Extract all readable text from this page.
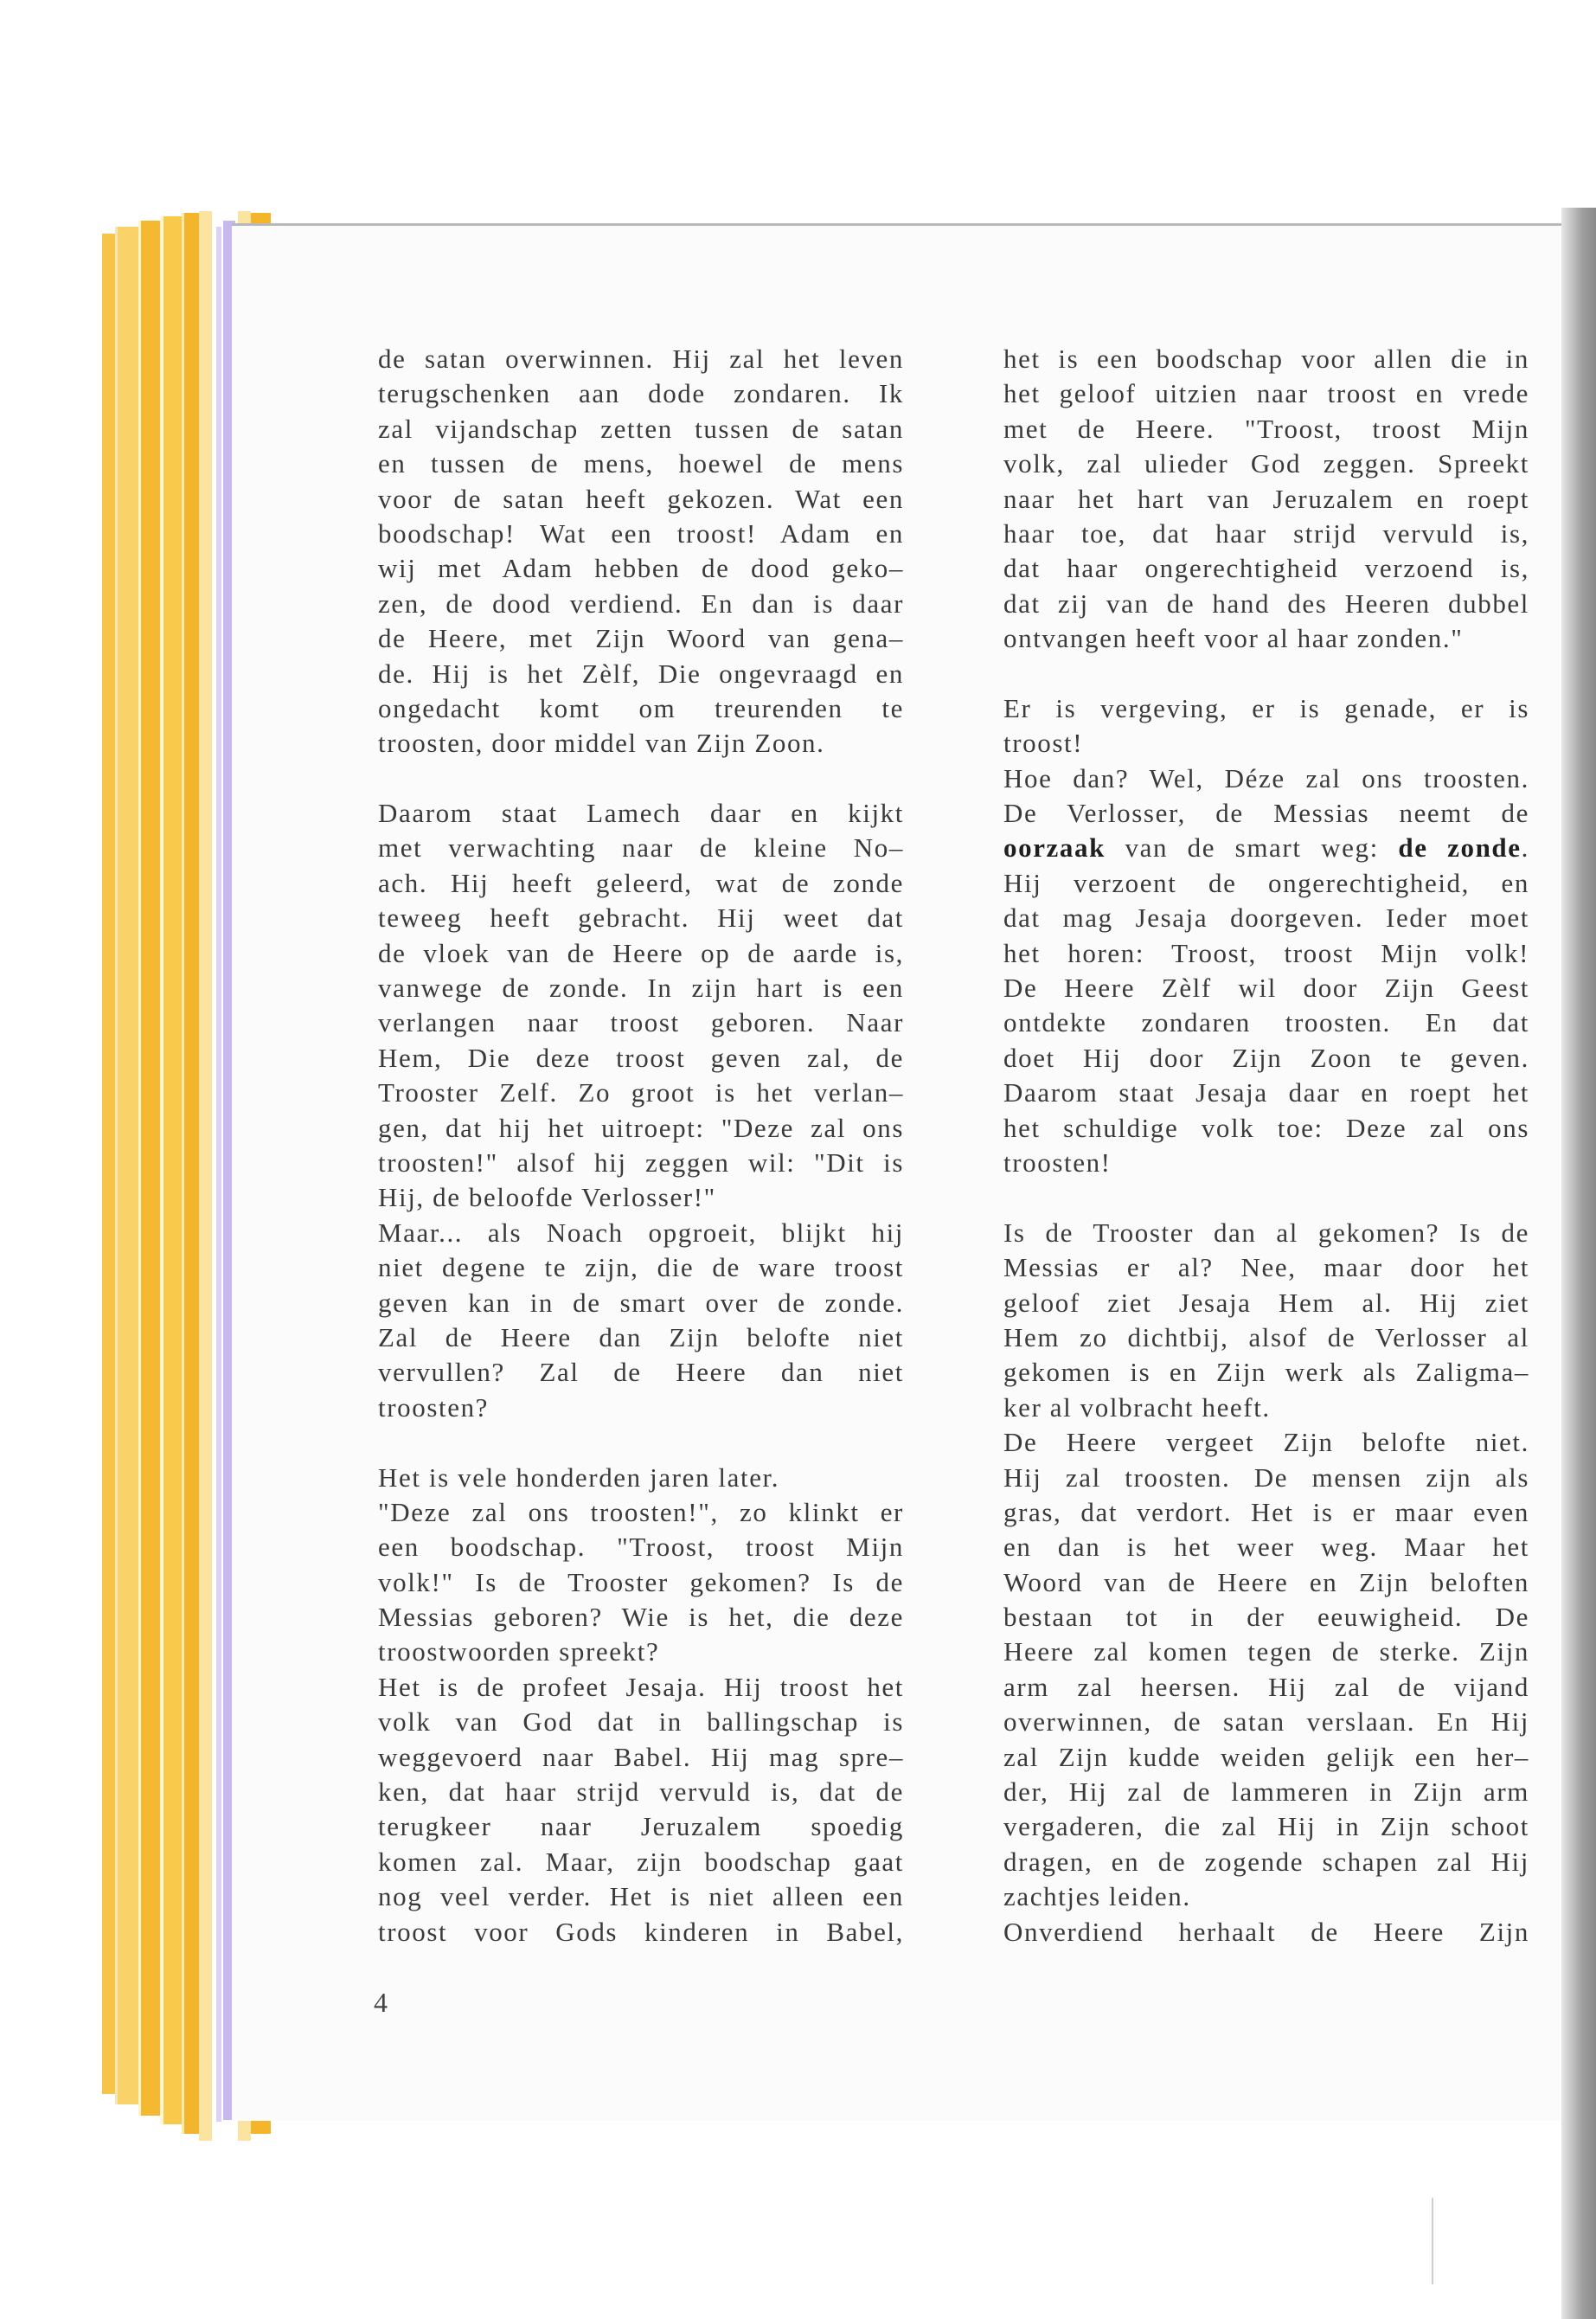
de satan overwinnen. Hij zal het leven
terugschenken aan dode zondaren. Ik
zal vijandschap zetten tussen de satan
en tussen de mens, hoewel de mens
voor de satan heeft gekozen. Wat een
boodschap! Wat een troost! Adam en
wij met Adam hebben de dood geko–
zen, de dood verdiend. En dan is daar
de Heere, met Zijn Woord van gena–
de. Hij is het Zèlf, Die ongevraagd en
ongedacht komt om treurenden te
troosten, door middel van Zijn Zoon.

Daarom staat Lamech daar en kijkt
met verwachting naar de kleine No–
ach. Hij heeft geleerd, wat de zonde
teweeg heeft gebracht. Hij weet dat
de vloek van de Heere op de aarde is,
vanwege de zonde. In zijn hart is een
verlangen naar troost geboren. Naar
Hem, Die deze troost geven zal, de
Trooster Zelf. Zo groot is het verlan–
gen, dat hij het uitroept: "Deze zal ons
troosten!" alsof hij zeggen wil: "Dit is
Hij, de beloofde Verlosser!"

Maar... als Noach opgroeit, blijkt hij
niet degene te zijn, die de ware troost
geven kan in de smart over de zonde.
Zal de Heere dan Zijn belofte niet
vervullen? Zal de Heere dan niet
troosten?

Het is vele honderden jaren later.
"Deze zal ons troosten!", zo klinkt er
een boodschap. "Troost, troost Mijn
volk!" Is de Trooster gekomen? Is de
Messias geboren? Wie is het, die deze
troostwoorden spreekt?

Het is de profeet Jesaja. Hij troost het
volk van God dat in ballingschap is
weggevoerd naar Babel. Hij mag spre–
ken, dat haar strijd vervuld is, dat de
terugkeer naar Jeruzalem spoedig
komen zal. Maar, zijn boodschap gaat
nog veel verder. Het is niet alleen een
troost voor Gods kinderen in Babel,

het is een boodschap voor allen die in
het geloof uitzien naar troost en vrede
met de Heere. "Troost, troost Mijn
volk, zal ulieder God zeggen. Spreekt
naar het hart van Jeruzalem en roept
haar toe, dat haar strijd vervuld is,
dat haar ongerechtigheid verzoend is,
dat zij van de hand des Heeren dubbel
ontvangen heeft voor al haar zonden."

Er is vergeving, er is genade, er is
troost!

Hoe dan? Wel, Déze zal ons troosten.
De Verlosser, de Messias neemt de
oorzaak van de smart weg: de zonde.
Hij verzoent de ongerechtigheid, en
dat mag Jesaja doorgeven. Ieder moet
het horen: Troost, troost Mijn volk!
De Heere Zèlf wil door Zijn Geest
ontdekte zondaren troosten. En dat
doet Hij door Zijn Zoon te geven.
Daarom staat Jesaja daar en roept het
het schuldige volk toe: Deze zal ons
troosten!

Is de Trooster dan al gekomen? Is de
Messias er al? Nee, maar door het
geloof ziet Jesaja Hem al. Hij ziet
Hem zo dichtbij, alsof de Verlosser al
gekomen is en Zijn werk als Zaligma–
ker al volbracht heeft.

De Heere vergeet Zijn belofte niet.
Hij zal troosten. De mensen zijn als
gras, dat verdort. Het is er maar even
en dan is het weer weg. Maar het
Woord van de Heere en Zijn beloften
bestaan tot in der eeuwigheid. De
Heere zal komen tegen de sterke. Zijn
arm zal heersen. Hij zal de vijand
overwinnen, de satan verslaan. En Hij
zal Zijn kudde weiden gelijk een her–
der, Hij zal de lammeren in Zijn arm
vergaderen, die zal Hij in Zijn schoot
dragen, en de zogende schapen zal Hij
zachtjes leiden.

Onverdiend herhaalt de Heere Zijn

4
